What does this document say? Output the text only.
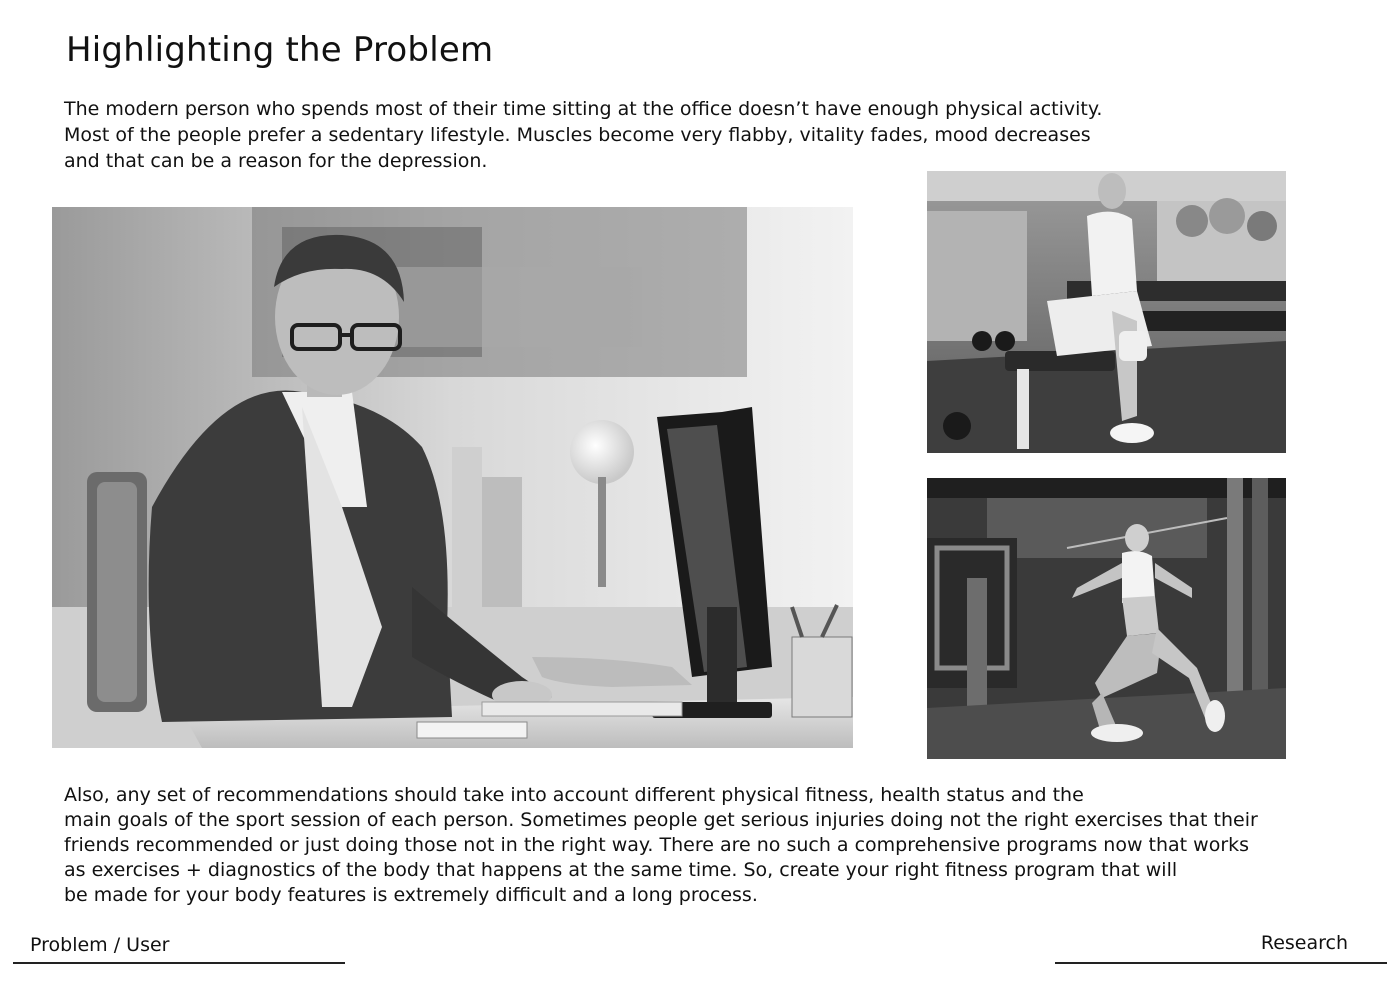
Highlighting the Problem
The modern person who spends most of their time sitting at the office doesn’t have enough physical activity.
Most of the people prefer a sedentary lifestyle. Muscles become very flabby, vitality fades, mood decreases
and that can be a reason for the depression.
Also, any set of recommendations should take into account different physical fitness, health status and the
main goals of the sport session of each person. Sometimes people get serious injuries doing not the right exercises that their
friends recommended or just doing those not in the right way. There are no such a comprehensive programs now that works
as exercises + diagnostics of the body that happens at the same time. So, create your right fitness program that will
be made for your body features is extremely difficult and a long process.
Problem / User	Research
